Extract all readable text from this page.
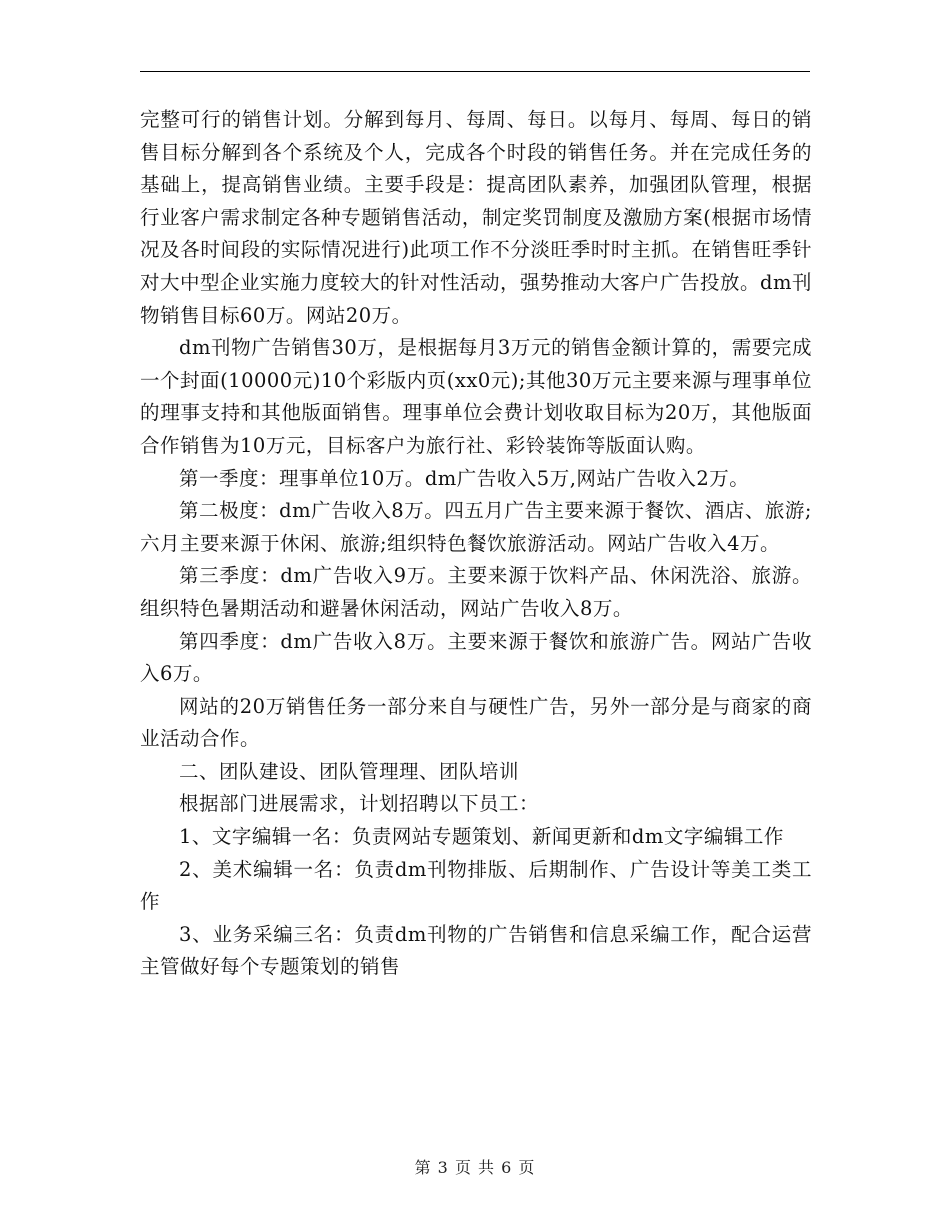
完整可行的销售计划。分解到每月、每周、每日。以每月、每周、每日的销售目标分解到各个系统及个人，完成各个时段的销售任务。并在完成任务的基础上，提高销售业绩。主要手段是：提高团队素养，加强团队管理，根据行业客户需求制定各种专题销售活动，制定奖罚制度及激励方案(根据市场情况及各时间段的实际情况进行)此项工作不分淡旺季时时主抓。在销售旺季针对大中型企业实施力度较大的针对性活动，强势推动大客户广告投放。dm刊物销售目标60万。网站20万。

dm刊物广告销售30万，是根据每月3万元的销售金额计算的，需要完成一个封面(10000元)10个彩版内页(xx0元);其他30万元主要来源与理事单位的理事支持和其他版面销售。理事单位会费计划收取目标为20万，其他版面合作销售为10万元，目标客户为旅行社、彩铃装饰等版面认购。

第一季度：理事单位10万。dm广告收入5万,网站广告收入2万。

第二极度：dm广告收入8万。四五月广告主要来源于餐饮、酒店、旅游;六月主要来源于休闲、旅游;组织特色餐饮旅游活动。网站广告收入4万。

第三季度：dm广告收入9万。主要来源于饮料产品、休闲洗浴、旅游。组织特色暑期活动和避暑休闲活动，网站广告收入8万。

第四季度：dm广告收入8万。主要来源于餐饮和旅游广告。网站广告收入6万。

网站的20万销售任务一部分来自与硬性广告，另外一部分是与商家的商业活动合作。

二、团队建设、团队管理理、团队培训

根据部门进展需求，计划招聘以下员工：

1、文字编辑一名：负责网站专题策划、新闻更新和dm文字编辑工作

2、美术编辑一名：负责dm刊物排版、后期制作、广告设计等美工类工作

3、业务采编三名：负责dm刊物的广告销售和信息采编工作，配合运营主管做好每个专题策划的销售

第 3 页 共 6 页
